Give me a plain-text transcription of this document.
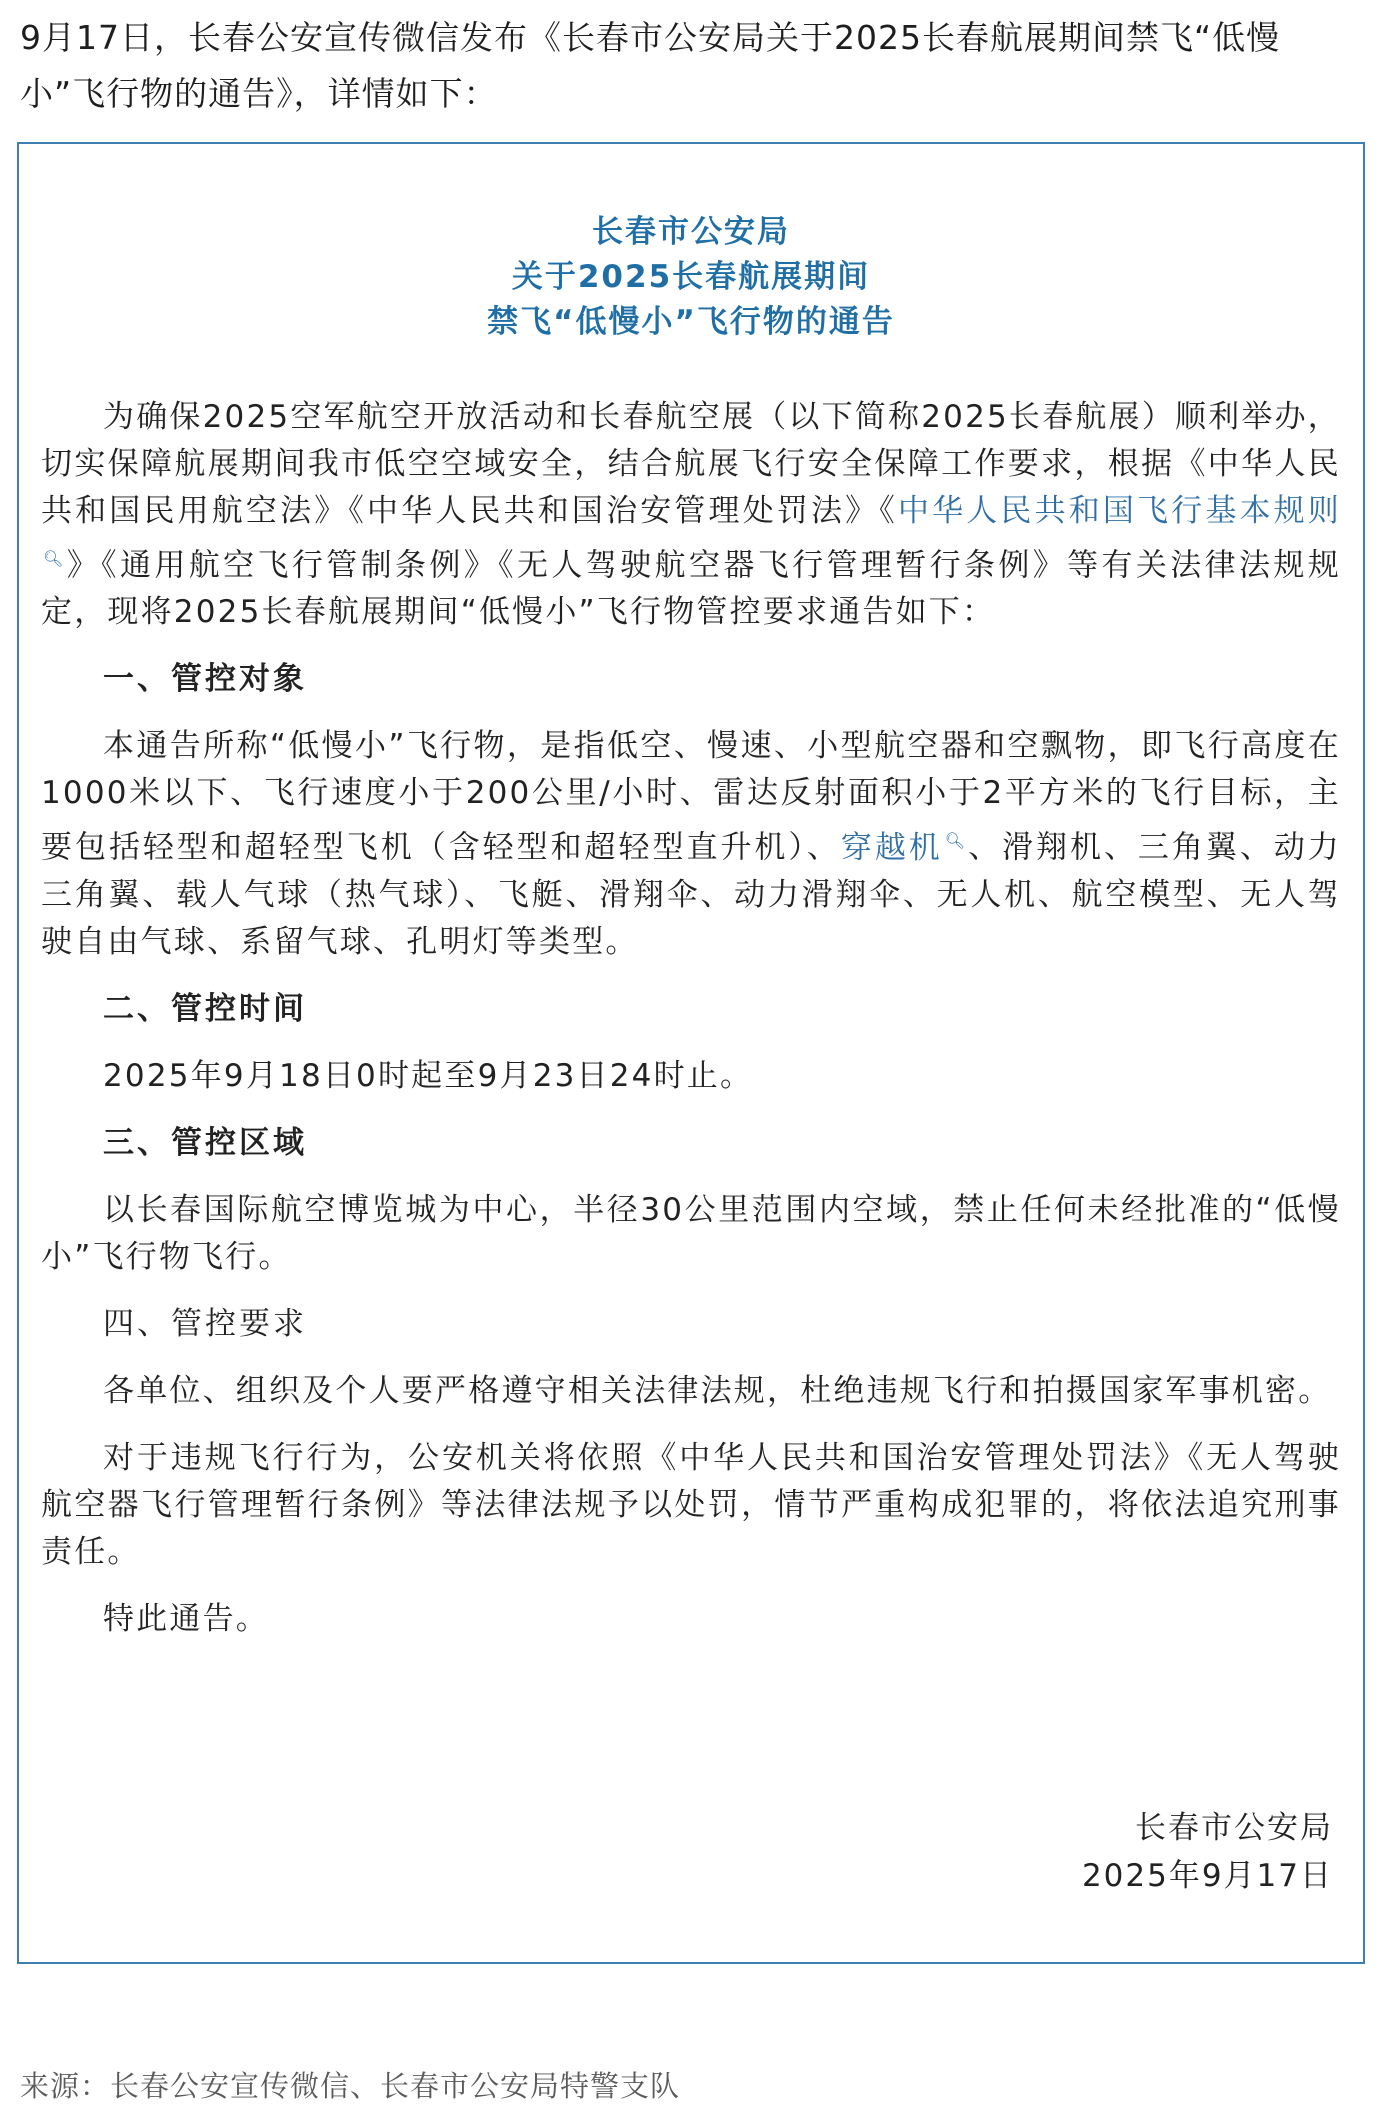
9月17日，长春公安宣传微信发布《长春市公安局关于2025长春航展期间禁飞“低慢小”飞行物的通告》，详情如下：

长春市公安局
关于2025长春航展期间
禁飞“低慢小”飞行物的通告

为确保2025空军航空开放活动和长春航空展（以下简称2025长春航展）顺利举办，切实保障航展期间我市低空空域安全，结合航展飞行安全保障工作要求，根据《中华人民共和国民用航空法》《中华人民共和国治安管理处罚法》《中华人民共和国飞行基本规则🔍︎》《通用航空飞行管制条例》《无人驾驶航空器飞行管理暂行条例》等有关法律法规规定，现将2025长春航展期间“低慢小”飞行物管控要求通告如下：

一、管控对象

本通告所称“低慢小”飞行物，是指低空、慢速、小型航空器和空飘物，即飞行高度在1000米以下、飞行速度小于200公里/小时、雷达反射面积小于2平方米的飞行目标，主要包括轻型和超轻型飞机（含轻型和超轻型直升机）、穿越机 🔍︎、滑翔机、三角翼、动力三角翼、载人气球（热气球）、飞艇、滑翔伞、动力滑翔伞、无人机、航空模型、无人驾驶自由气球、系留气球、孔明灯等类型。

二、管控时间

2025年9月18日0时起至9月23日24时止。

三、管控区域

以长春国际航空博览城为中心，半径30公里范围内空域，禁止任何未经批准的“低慢小”飞行物飞行。

四、管控要求

各单位、组织及个人要严格遵守相关法律法规，杜绝违规飞行和拍摄国家军事机密。

对于违规飞行行为，公安机关将依照《中华人民共和国治安管理处罚法》《无人驾驶航空器飞行管理暂行条例》等法律法规予以处罚，情节严重构成犯罪的，将依法追究刑事责任。

特此通告。

长春市公安局
2025年9月17日

来源：长春公安宣传微信、长春市公安局特警支队
